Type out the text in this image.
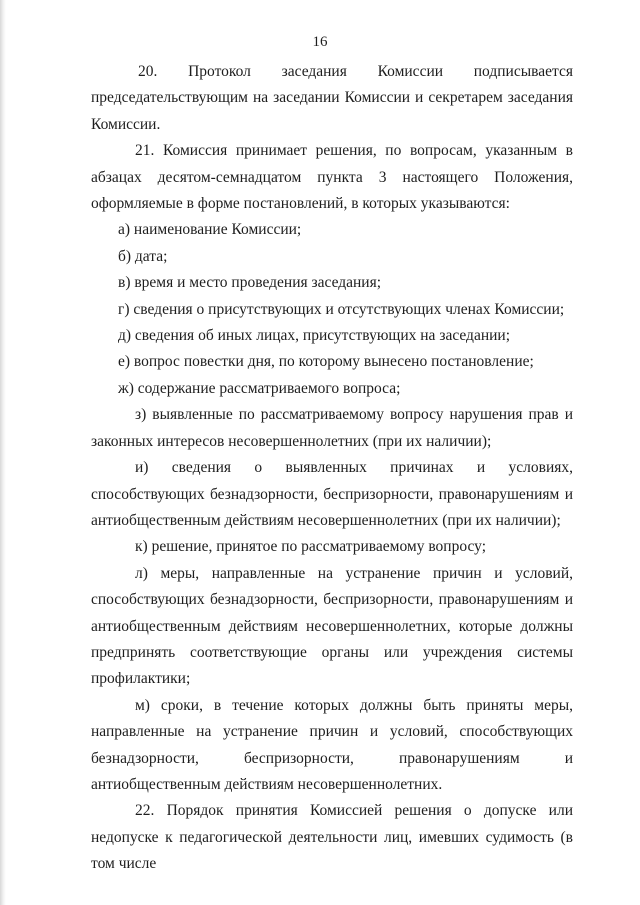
16
20. Протокол заседания Комиссии подписывается

председательствующим на заседании Комиссии и секретарем заседания Комиссии.

21. Комиссия принимает решения, по вопросам, указанным в абзацах десятом-семнадцатом пункта 3 настоящего Положения, оформляемые в форме постановлений, в которых указываются:

а) наименование Комиссии;

б) дата;

в) время и место проведения заседания;

г) сведения о присутствующих и отсутствующих членах Комиссии;

д) сведения об иных лицах, присутствующих на заседании;

е) вопрос повестки дня, по которому вынесено постановление;

ж) содержание рассматриваемого вопроса;

з) выявленные по рассматриваемому вопросу нарушения прав и законных интересов несовершеннолетних (при их наличии);

и) сведения о выявленных причинах и условиях, способствующих безнадзорности, беспризорности, правонарушениям и антиобщественным действиям несовершеннолетних (при их наличии);

к) решение, принятое по рассматриваемому вопросу;

л) меры, направленные на устранение причин и условий, способствующих безнадзорности, беспризорности, правонарушениям и антиобщественным действиям несовершеннолетних, которые должны предпринять соответствующие органы или учреждения системы профилактики;

м) сроки, в течение которых должны быть приняты меры, направленные на устранение причин и условий, способствующих безнадзорности, беспризорности, правонарушениям и антиобщественным действиям несовершеннолетних.

22. Порядок принятия Комиссией решения о допуске или недопуске к педагогической деятельности лиц, имевших судимость (в том числе
